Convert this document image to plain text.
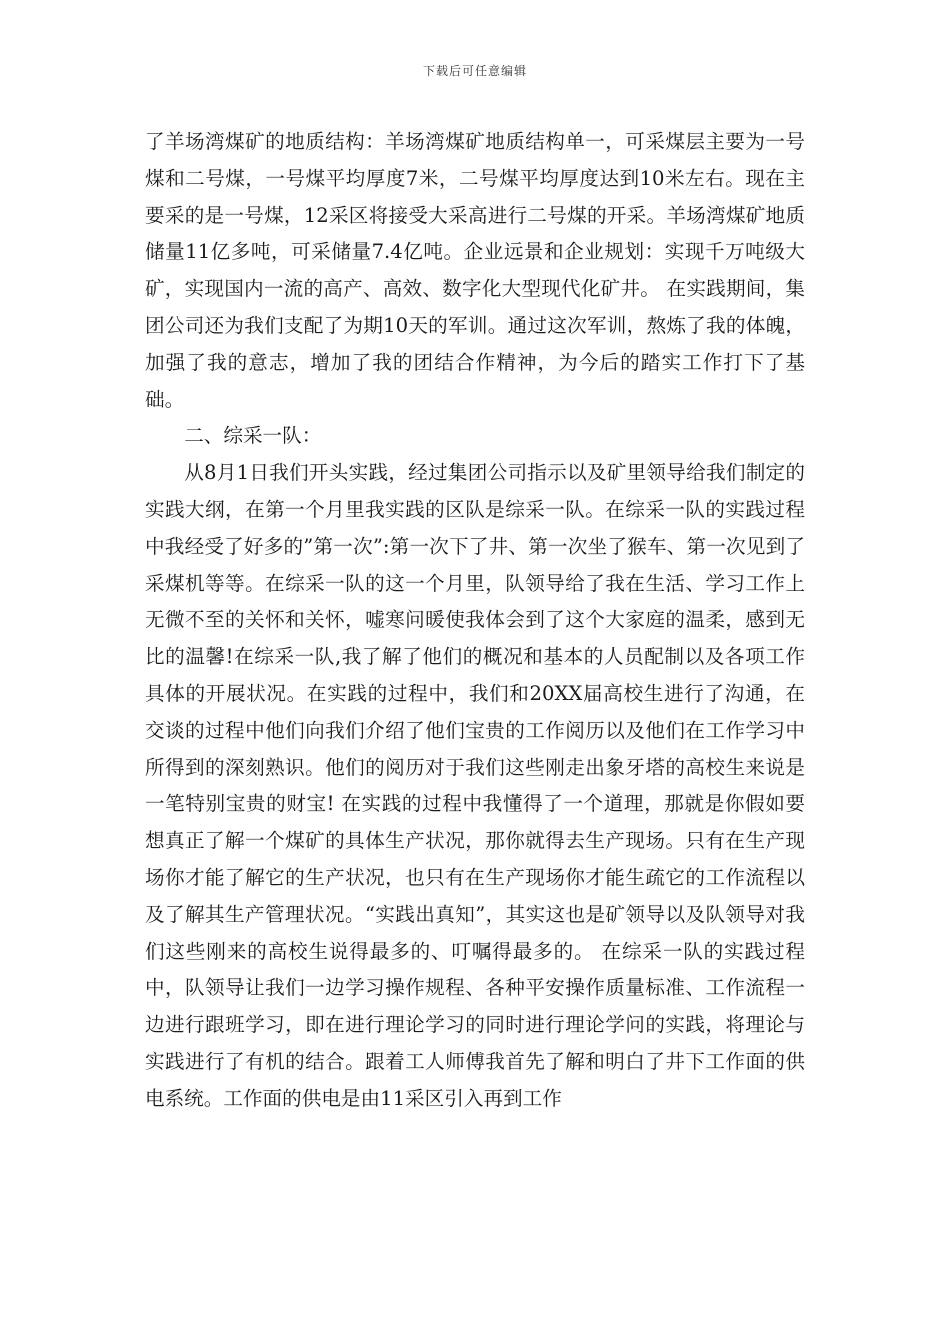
下载后可任意编辑

了羊场湾煤矿的地质结构：羊场湾煤矿地质结构单一，可采煤层主要为一号煤和二号煤，一号煤平均厚度7米，二号煤平均厚度达到10米左右。现在主要采的是一号煤，12采区将接受大采高进行二号煤的开采。羊场湾煤矿地质储量11亿多吨，可采储量7.4亿吨。企业远景和企业规划：实现千万吨级大矿，实现国内一流的高产、高效、数字化大型现代化矿井。 在实践期间，集团公司还为我们支配了为期10天的军训。通过这次军训，熬炼了我的体魄，加强了我的意志，增加了我的团结合作精神，为今后的踏实工作打下了基础。

二、综采一队：

从8月1日我们开头实践，经过集团公司指示以及矿里领导给我们制定的实践大纲，在第一个月里我实践的区队是综采一队。在综采一队的实践过程中我经受了好多的”第一次”:第一次下了井、第一次坐了猴车、第一次见到了采煤机等等。在综采一队的这一个月里，队领导给了我在生活、学习工作上无微不至的关怀和关怀，嘘寒问暖使我体会到了这个大家庭的温柔，感到无比的温馨!在综采一队,我了解了他们的概况和基本的人员配制以及各项工作具体的开展状况。在实践的过程中，我们和20XX届高校生进行了沟通，在交谈的过程中他们向我们介绍了他们宝贵的工作阅历以及他们在工作学习中所得到的深刻熟识。他们的阅历对于我们这些刚走出象牙塔的高校生来说是一笔特别宝贵的财宝! 在实践的过程中我懂得了一个道理，那就是你假如要想真正了解一个煤矿的具体生产状况，那你就得去生产现场。只有在生产现场你才能了解它的生产状况，也只有在生产现场你才能生疏它的工作流程以及了解其生产管理状况。“实践出真知”，其实这也是矿领导以及队领导对我们这些刚来的高校生说得最多的、叮嘱得最多的。 在综采一队的实践过程中，队领导让我们一边学习操作规程、各种平安操作质量标准、工作流程一边进行跟班学习，即在进行理论学习的同时进行理论学问的实践，将理论与实践进行了有机的结合。跟着工人师傅我首先了解和明白了井下工作面的供电系统。工作面的供电是由11采区引入再到工作
